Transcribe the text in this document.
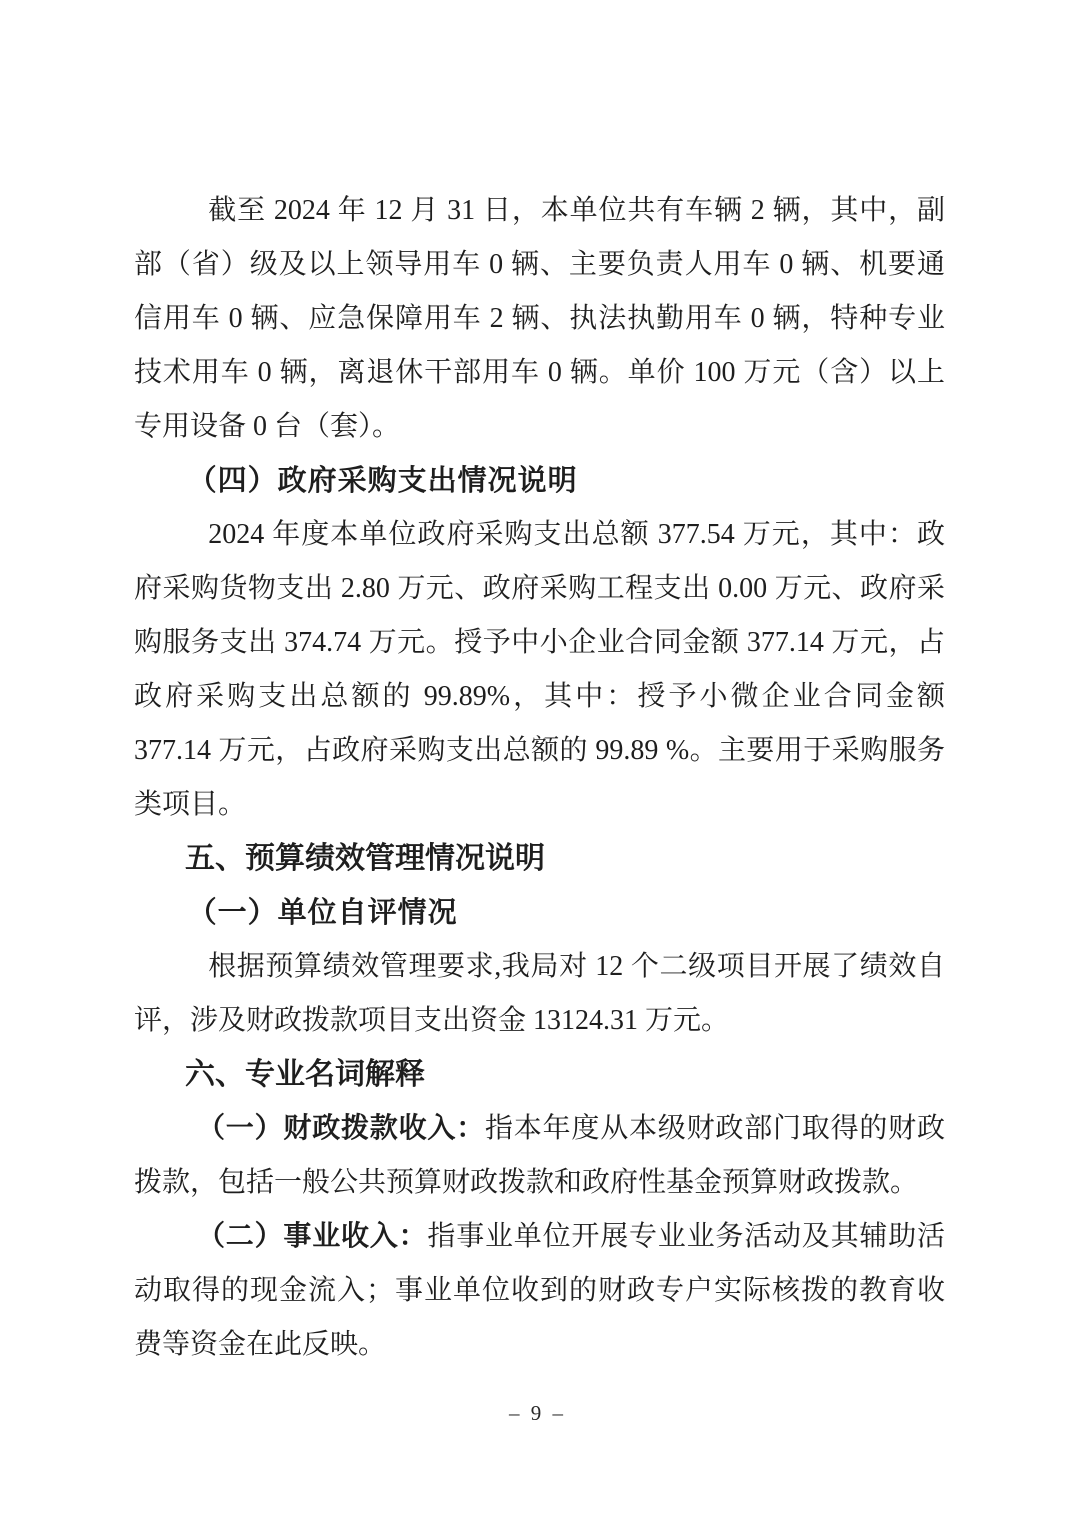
截至 2024 年 12 月 31 日，本单位共有车辆 2 辆，其中，副部（省）级及以上领导用车 0 辆、主要负责人用车 0 辆、机要通信用车 0 辆、应急保障用车 2 辆、执法执勤用车 0 辆，特种专业技术用车 0 辆，离退休干部用车 0 辆。单价 100 万元（含）以上专用设备 0 台（套）。

（四）政府采购支出情况说明

2024 年度本单位政府采购支出总额 377.54 万元，其中：政府采购货物支出 2.80 万元、政府采购工程支出 0.00 万元、政府采购服务支出 374.74 万元。授予中小企业合同金额 377.14 万元，占政府采购支出总额的 99.89%，其中：授予小微企业合同金额 377.14 万元，占政府采购支出总额的 99.89 %。主要用于采购服务类项目。

五、预算绩效管理情况说明
（一）单位自评情况

根据预算绩效管理要求,我局对 12 个二级项目开展了绩效自评，涉及财政拨款项目支出资金 13124.31 万元。

六、专业名词解释

（一）财政拨款收入：指本年度从本级财政部门取得的财政拨款，包括一般公共预算财政拨款和政府性基金预算财政拨款。

（二）事业收入：指事业单位开展专业业务活动及其辅助活动取得的现金流入；事业单位收到的财政专户实际核拨的教育收费等资金在此反映。

– 9 –
